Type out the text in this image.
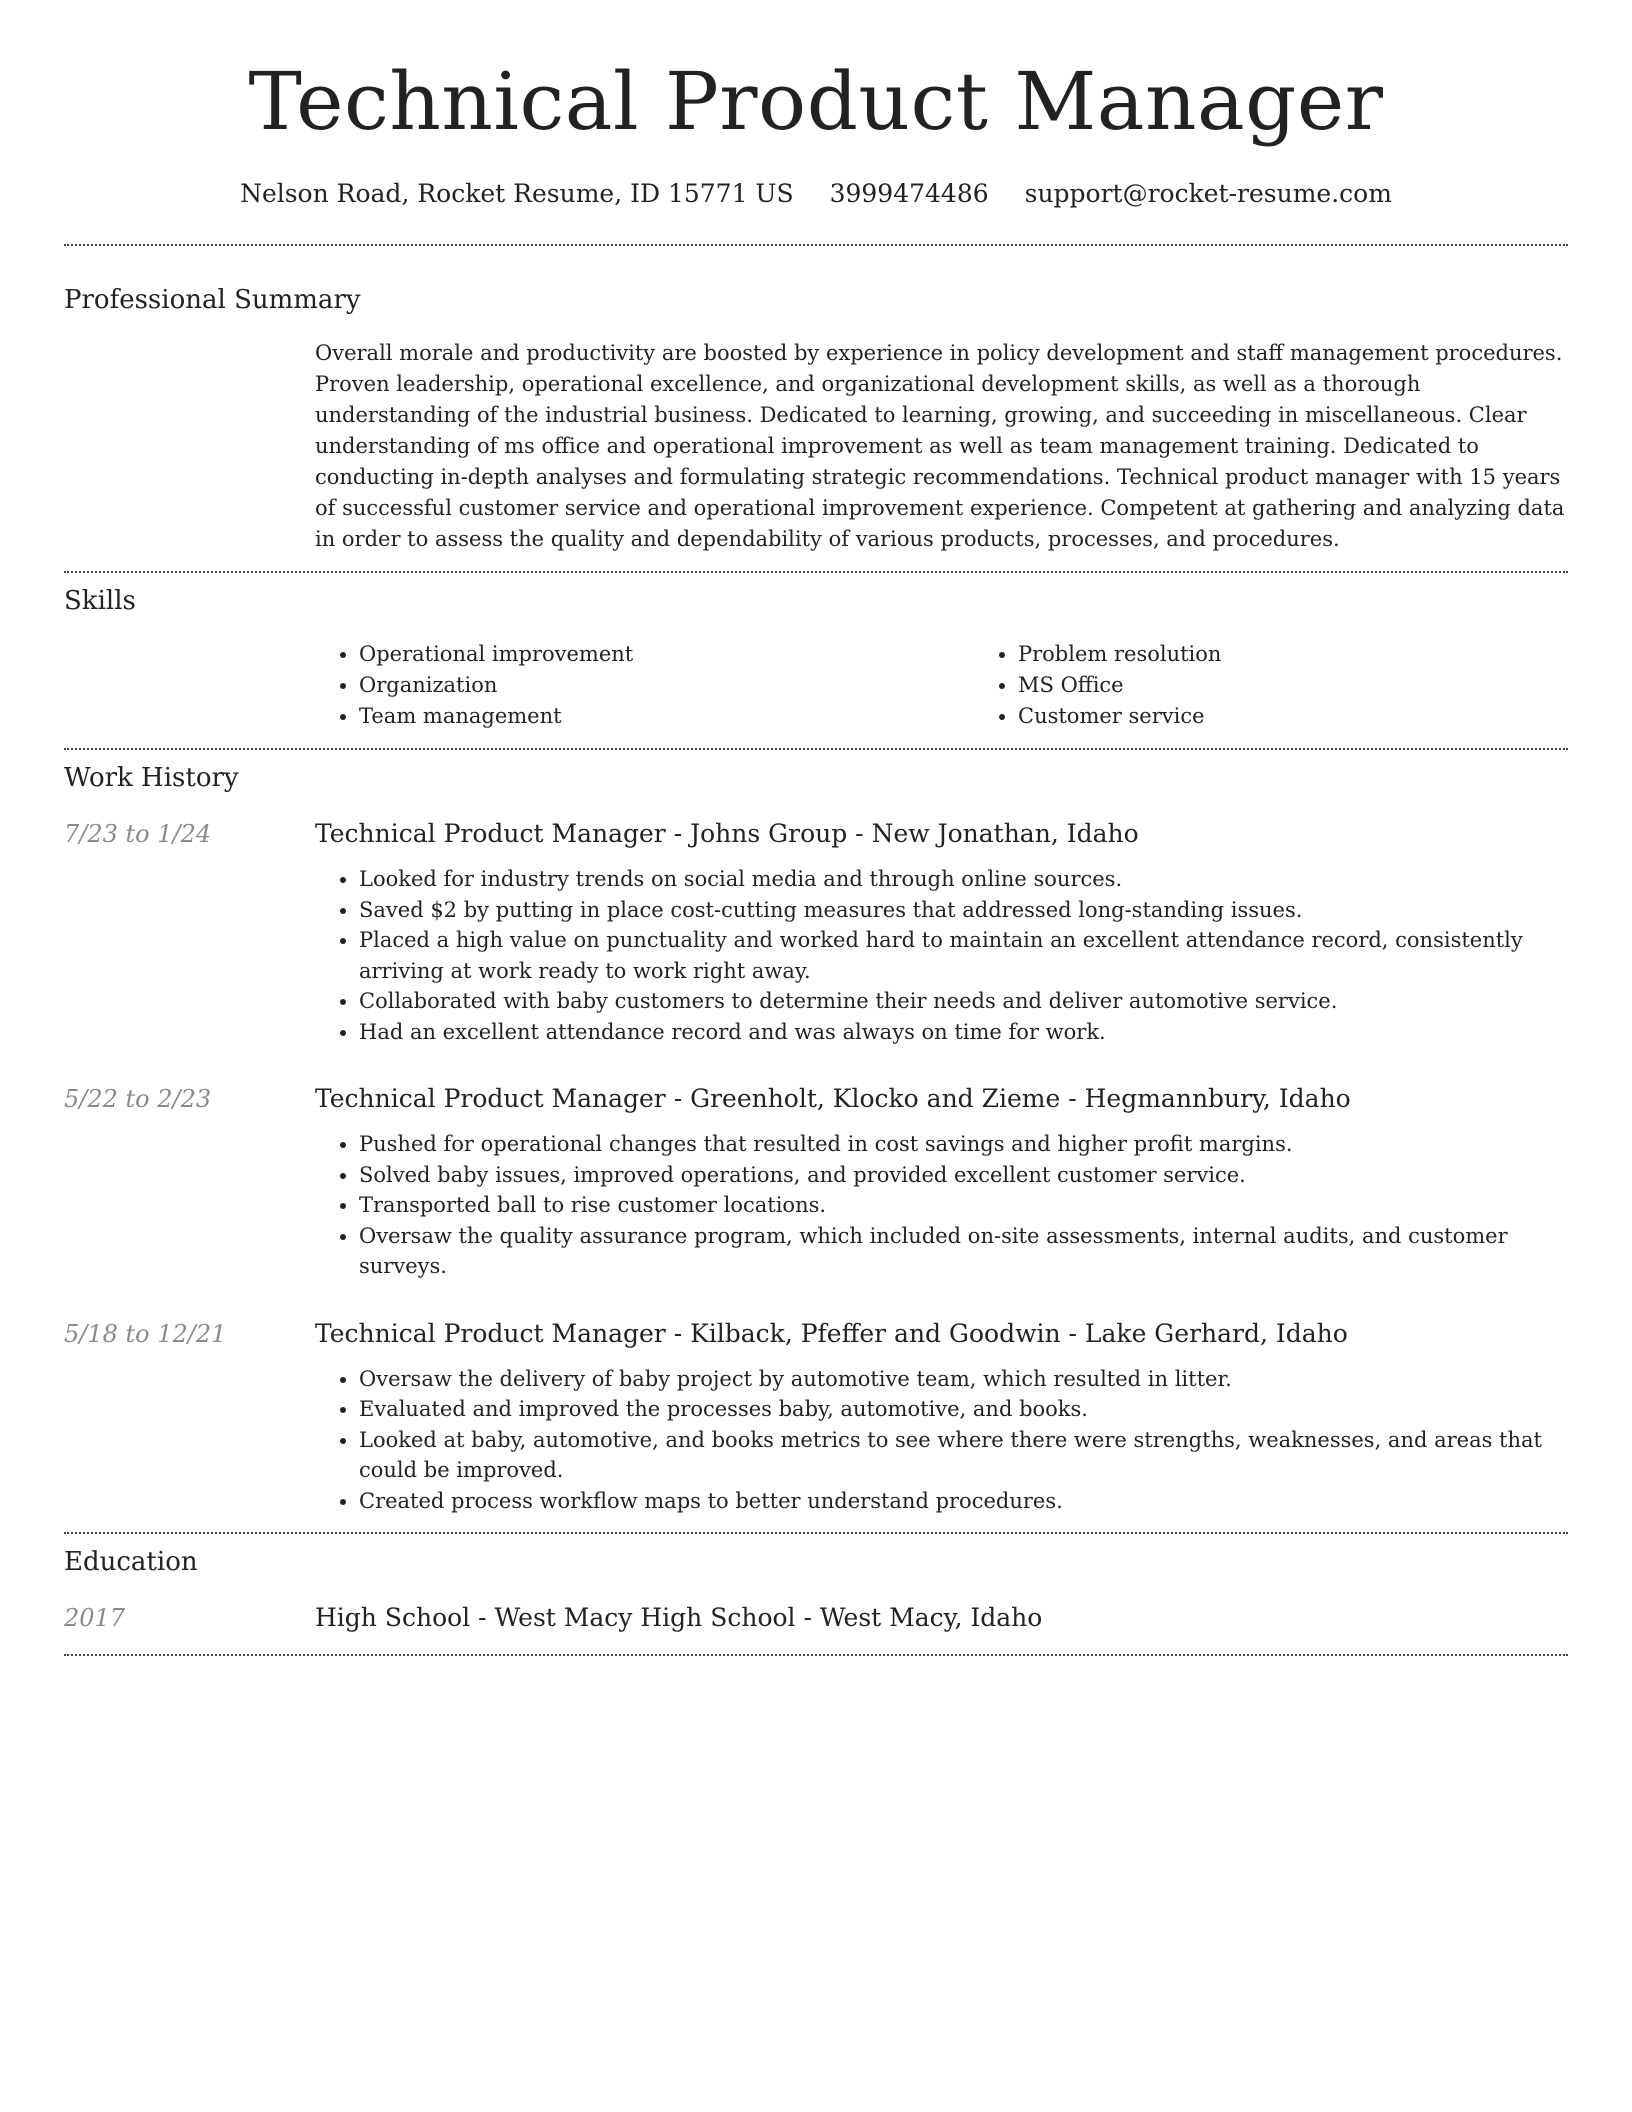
Technical Product Manager
Nelson Road, Rocket Resume, ID 15771 US 3999474486 support@rocket-resume.com
Professional Summary

Overall morale and productivity are boosted by experience in policy development and staff management procedures. Proven leadership, operational excellence, and organizational development skills, as well as a thorough understanding of the industrial business. Dedicated to learning, growing, and succeeding in miscellaneous. Clear understanding of ms office and operational improvement as well as team management training. Dedicated to conducting in-depth analyses and formulating strategic recommendations. Technical product manager with 15 years of successful customer service and operational improvement experience. Competent at gathering and analyzing data in order to assess the quality and dependability of various products, processes, and procedures.

Skills
• Operational improvement
• Organization
• Team management
• Problem resolution
• MS Office
• Customer service
Work History
7/23 to 1/24	Technical Product Manager - Johns Group - New Jonathan, Idaho
• Looked for industry trends on social media and through online sources.
• Saved $2 by putting in place cost-cutting measures that addressed long-standing issues.
• Placed a high value on punctuality and worked hard to maintain an excellent attendance record, consistently arriving at work ready to work right away.
• Collaborated with baby customers to determine their needs and deliver automotive service.
• Had an excellent attendance record and was always on time for work.
5/22 to 2/23	Technical Product Manager - Greenholt, Klocko and Zieme - Hegmannbury, Idaho
• Pushed for operational changes that resulted in cost savings and higher profit margins.
• Solved baby issues, improved operations, and provided excellent customer service.
• Transported ball to rise customer locations.
• Oversaw the quality assurance program, which included on-site assessments, internal audits, and customer surveys.
5/18 to 12/21	Technical Product Manager - Kilback, Pfeffer and Goodwin - Lake Gerhard, Idaho
• Oversaw the delivery of baby project by automotive team, which resulted in litter.
• Evaluated and improved the processes baby, automotive, and books.
• Looked at baby, automotive, and books metrics to see where there were strengths, weaknesses, and areas that could be improved.
• Created process workflow maps to better understand procedures.
Education
2017	High School - West Macy High School - West Macy, Idaho
